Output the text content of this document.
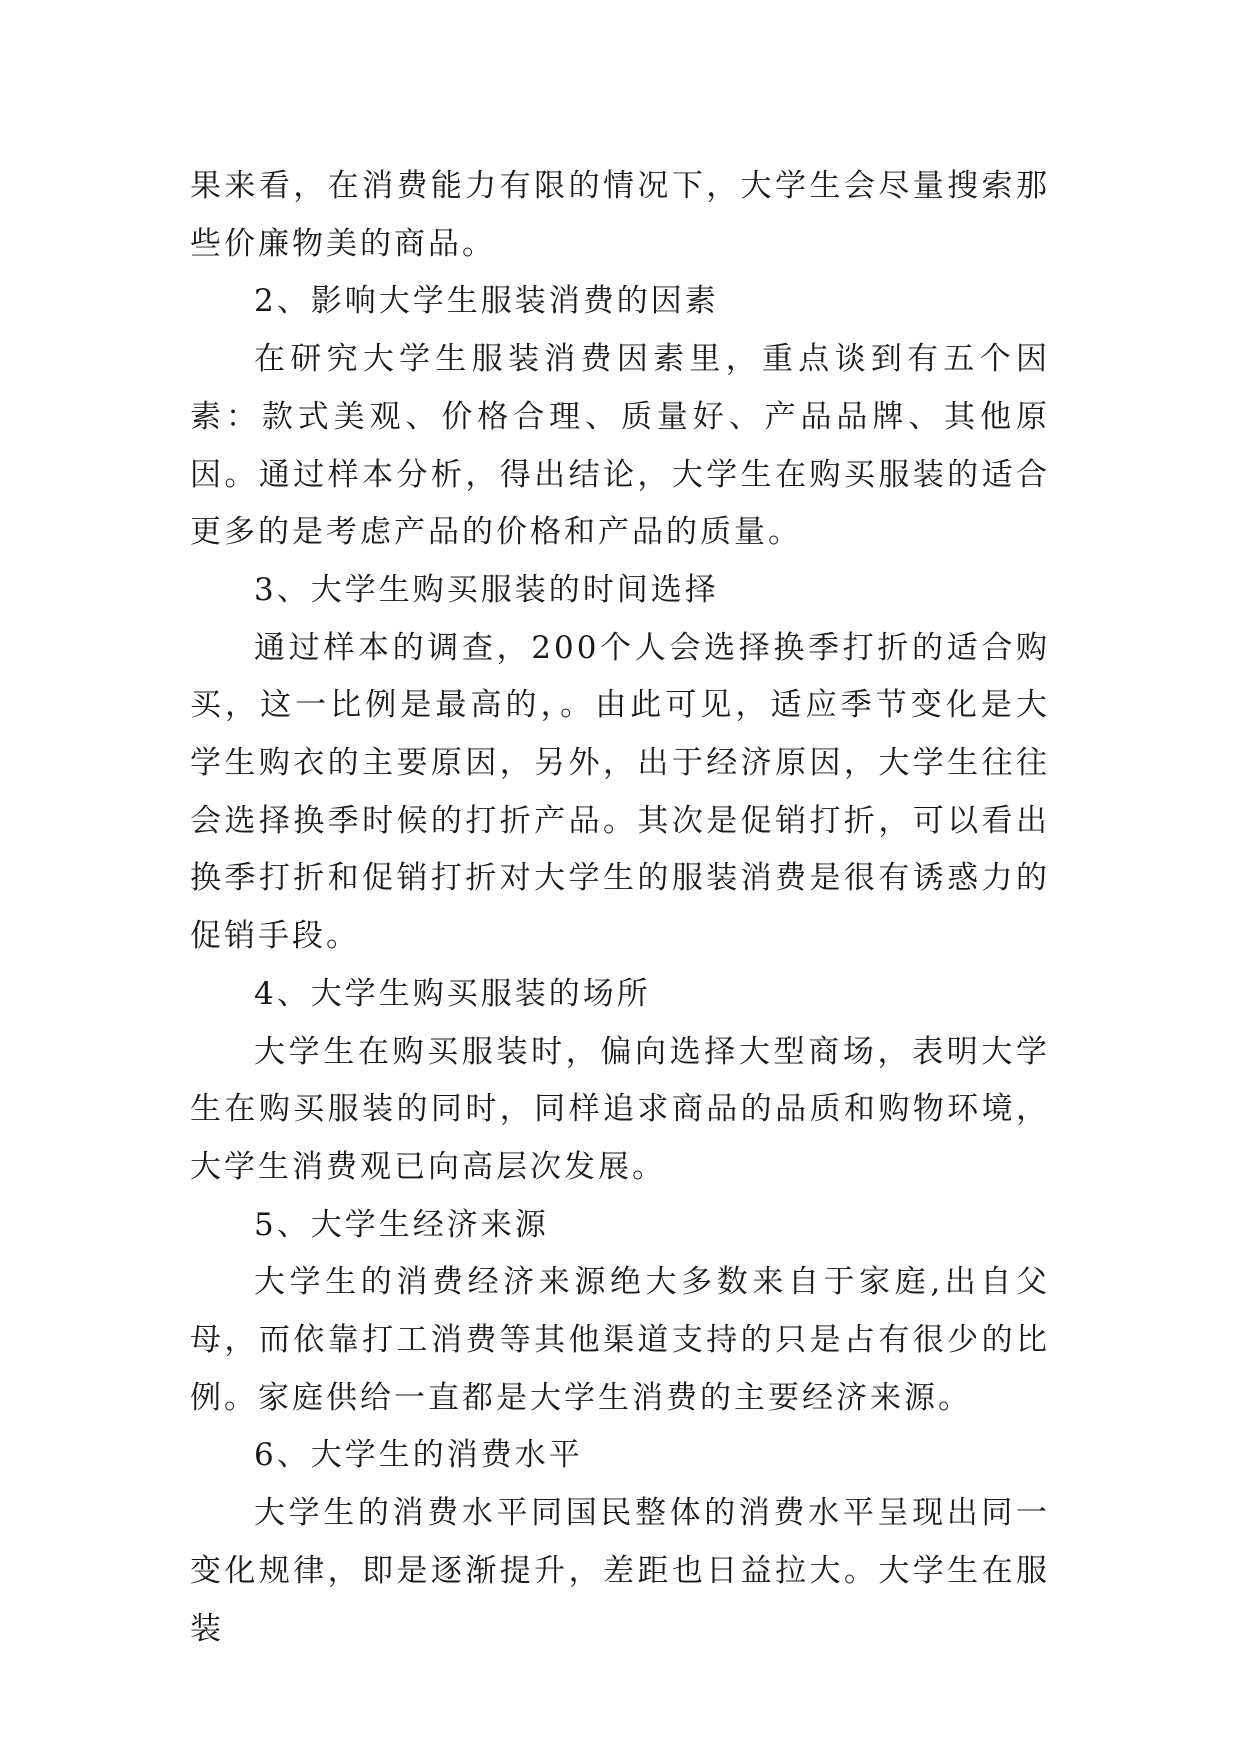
果来看，在消费能力有限的情况下，大学生会尽量搜索那些价廉物美的商品。

2、影响大学生服装消费的因素

在研究大学生服装消费因素里，重点谈到有五个因素：款式美观、价格合理、质量好、产品品牌、其他原因。通过样本分析，得出结论，大学生在购买服装的适合更多的是考虑产品的价格和产品的质量。

3、大学生购买服装的时间选择

通过样本的调查，200个人会选择换季打折的适合购买，这一比例是最高的，。由此可见，适应季节变化是大学生购衣的主要原因，另外，出于经济原因，大学生往往会选择换季时候的打折产品。其次是促销打折，可以看出换季打折和促销打折对大学生的服装消费是很有诱惑力的促销手段。

4、大学生购买服装的场所

大学生在购买服装时，偏向选择大型商场，表明大学生在购买服装的同时，同样追求商品的品质和购物环境，大学生消费观已向高层次发展。

5、大学生经济来源

大学生的消费经济来源绝大多数来自于家庭,出自父母，而依靠打工消费等其他渠道支持的只是占有很少的比例。家庭供给一直都是大学生消费的主要经济来源。

6、大学生的消费水平

大学生的消费水平同国民整体的消费水平呈现出同一变化规律，即是逐渐提升，差距也日益拉大。大学生在服装
